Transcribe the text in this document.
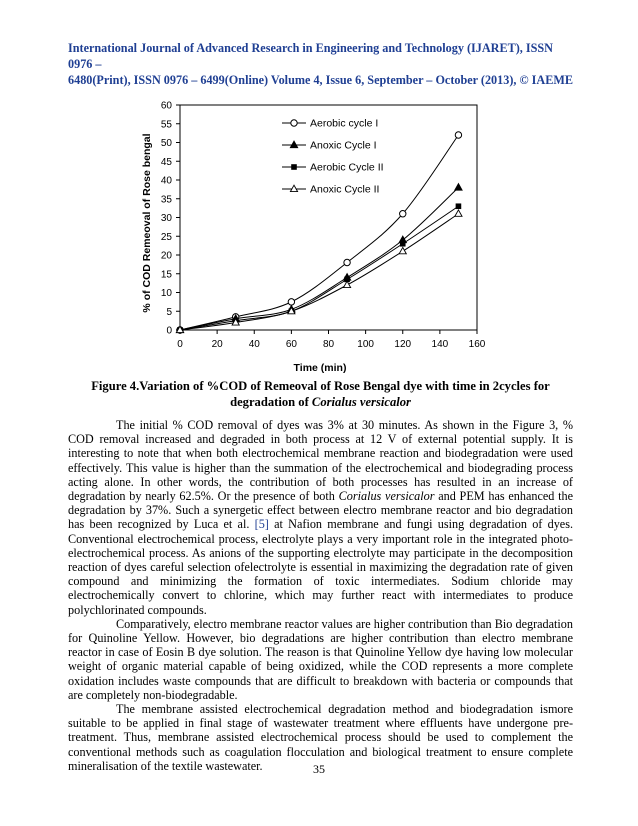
International Journal of Advanced Research in Engineering and Technology (IJARET), ISSN 0976 –
6480(Print), ISSN 0976 – 6499(Online) Volume 4, Issue 6, September – October (2013), © IAEME
0
5
10
15
20
25
30
35
40
45
50
55
60
0	20	40	60	80 100 120 140 160
Aerobic cycle I
Anoxic Cycle I
Aerobic Cycle II
Anoxic Cycle II
Time (min)
% of COD Remeoval of Rose bengal
Figure 4.Variation of %COD of Remeoval of Rose Bengal dye with time in 2cycles for degradation of Corialus versicalor

The initial % COD removal of dyes was 3% at 30 minutes. As shown in the Figure 3, % COD removal increased and degraded in both process at 12 V of external potential supply. It is interesting to note that when both electrochemical membrane reaction and biodegradation were used effectively. This value is higher than the summation of the electrochemical and biodegrading process acting alone. In other words, the contribution of both processes has resulted in an increase of degradation by nearly 62.5%. Or the presence of both Corialus versicalor and PEM has enhanced the degradation by 37%. Such a synergetic effect between electro membrane reactor and bio degradation has been recognized by Luca et al. [5] at Nafion membrane and fungi using degradation of dyes. Conventional electrochemical process, electrolyte plays a very important role in the integrated photo-electrochemical process. As anions of the supporting electrolyte may participate in the decomposition reaction of dyes careful selection ofelectrolyte is essential in maximizing the degradation rate of given compound and minimizing the formation of toxic intermediates. Sodium chloride may electrochemically convert to chlorine, which may further react with intermediates to produce polychlorinated compounds.

Comparatively, electro membrane reactor values are higher contribution than Bio degradation for Quinoline Yellow. However, bio degradations are higher contribution than electro membrane reactor in case of Eosin B dye solution. The reason is that Quinoline Yellow dye having low molecular weight of organic material capable of being oxidized, while the COD represents a more complete oxidation includes waste compounds that are difficult to breakdown with bacteria or compounds that are completely non-biodegradable.

The membrane assisted electrochemical degradation method and biodegradation ismore suitable to be applied in final stage of wastewater treatment where effluents have undergone pre-treatment. Thus, membrane assisted electrochemical process should be used to complement the conventional methods such as coagulation flocculation and biological treatment to ensure complete mineralisation of the textile wastewater.	35
